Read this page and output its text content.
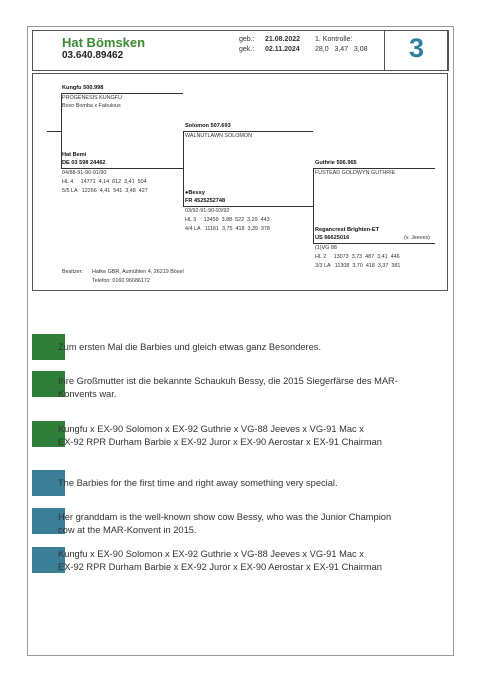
Hat Bömsken
03.640.89462
geb.: 21.08.2022
gek.: 02.11.2024
1. Kontrolle:
28,0   3,47   3,08	3
Kungfu 500.998
PROGENESIS KUNGFU
Bovo Bomba x Fabulous
Hat Bemi
DE 03 598 24462
04/88-91-90-91/90
HL 4     14771  4,14  612  3,41  504
5/5 LA   12266  4,41  541  3,48  427
Solomon 507.693
WALNUTLAWN SOLOMON
●Bessy
FR 4525252748
03/92-91-90-93/92
HL 3     13459  3,88  522  3,29  443
4/4 LA   11161  3,75  418  3,39  378
Guthrie 506.965
FUSTEAD GOLDWYN GUTHRIE
Regancrest Brighten-ET
US 66625016	(v. Jeeves)
(1)VG 88
HL 2     13073  3,73  487  3,41  446
3/3 LA   11308  3,70  418  3,37  381
Besitzer: Hatke GBR, Aumühlen 4, 26219 Bösel
Telefon: 0160 96686172
Zum ersten Mal die Barbies und gleich etwas ganz Besonderes.
Ihre Großmutter ist die bekannte Schaukuh Bessy, die 2015 Siegerfärse des MAR-
Konvents war.
Kungfu x EX-90 Solomon x EX-92 Guthrie x VG-88 Jeeves x VG-91 Mac x
EX-92 RPR Durham Barbie x EX-92 Juror x EX-90 Aerostar x EX-91 Chairman
The Barbies for the first time and right away something very special.
Her granddam is the well-known show cow Bessy, who was the Junior Champion
cow at the MAR-Konvent in 2015.
Kungfu x EX-90 Solomon x EX-92 Guthrie x VG-88 Jeeves x VG-91 Mac x
EX-92 RPR Durham Barbie x EX-92 Juror x EX-90 Aerostar x EX-91 Chairman
